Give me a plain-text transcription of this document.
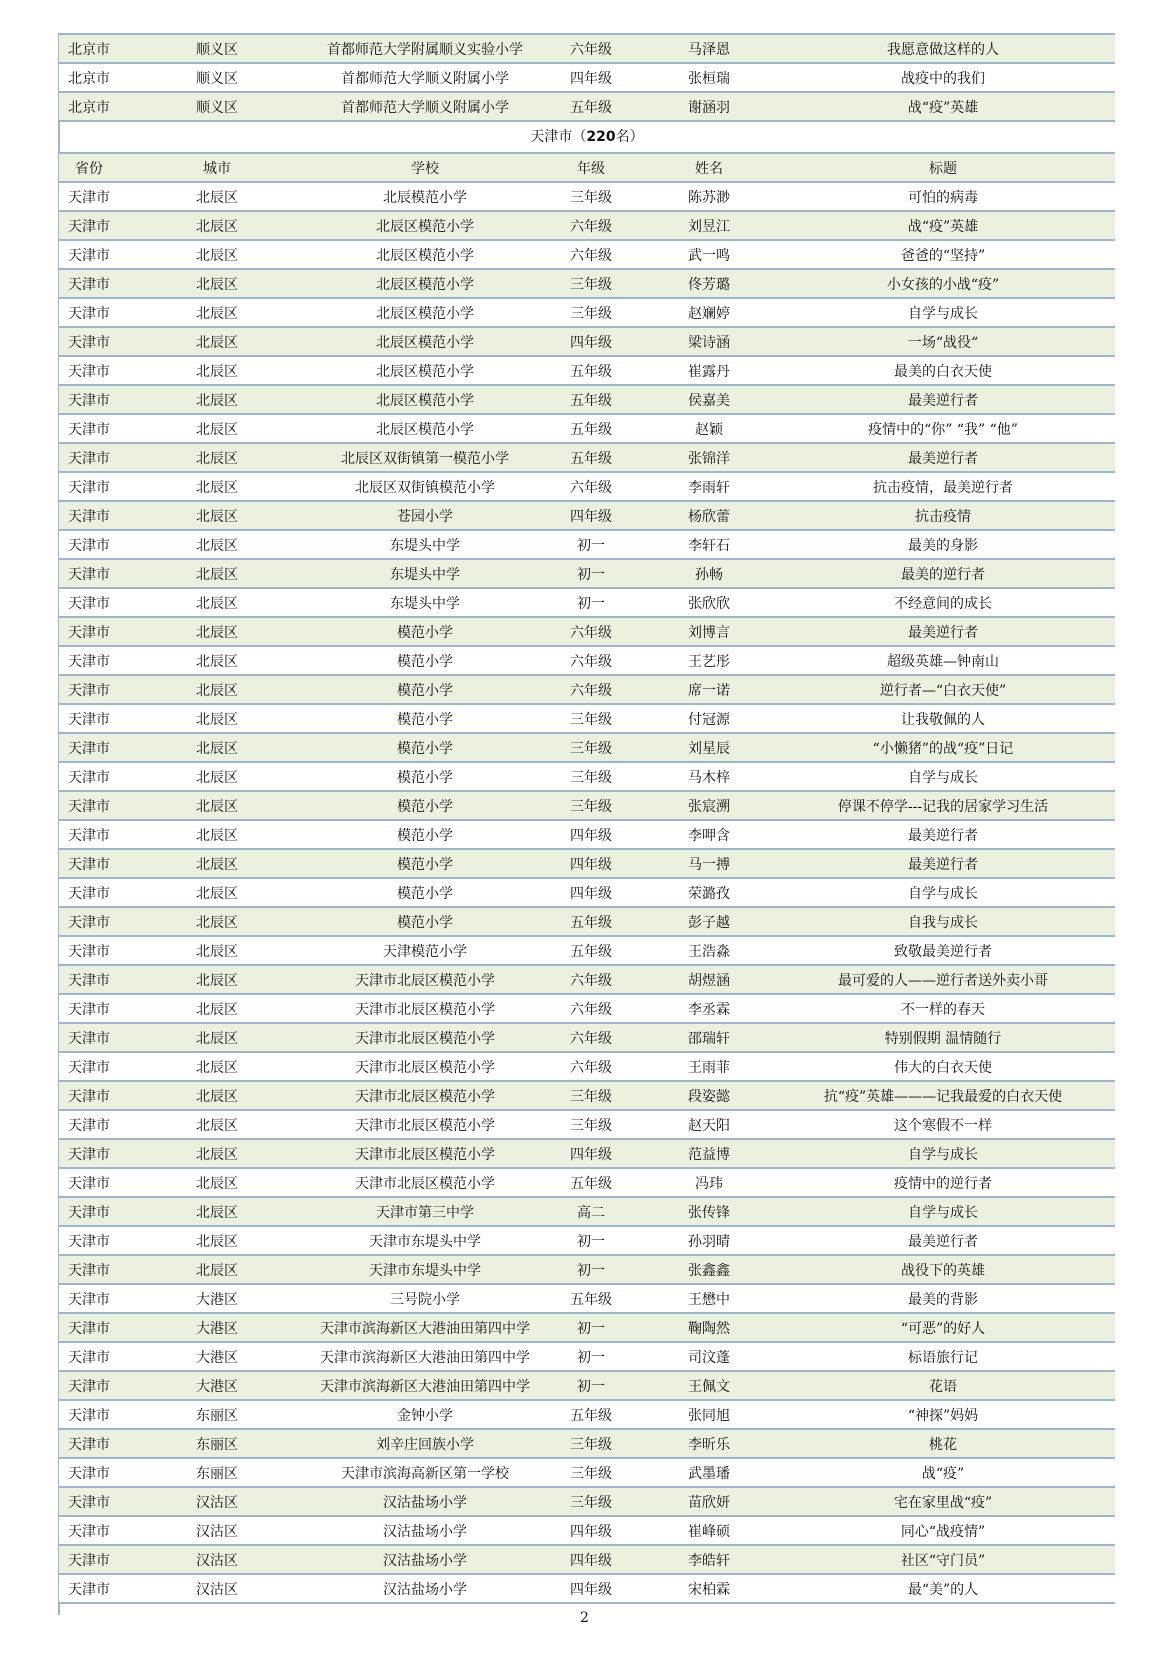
北京市	顺义区	首都师范大学附属顺义实验小学	六年级	马泽恩	我愿意做这样的人
北京市	顺义区	首都师范大学顺义附属小学	四年级	张桓瑞	战疫中的我们
北京市	顺义区	首都师范大学顺义附属小学	五年级	谢涵羽	战“疫”英雄
天津市（220名）
省份	城市	学校	年级	姓名	标题
天津市	北辰区	北辰模范小学	三年级	陈苏渺	可怕的病毒
天津市	北辰区	北辰区模范小学	六年级	刘昱江	战“疫”英雄
天津市	北辰区	北辰区模范小学	六年级	武一鸣	爸爸的“坚持”
天津市	北辰区	北辰区模范小学	三年级	佟芳璐	小女孩的小战“疫”
天津市	北辰区	北辰区模范小学	三年级	赵斓婷	自学与成长
天津市	北辰区	北辰区模范小学	四年级	梁诗涵	一场“战役“
天津市	北辰区	北辰区模范小学	五年级	崔露丹	最美的白衣天使
天津市	北辰区	北辰区模范小学	五年级	侯嘉美	最美逆行者
天津市	北辰区	北辰区模范小学	五年级	赵颖	疫情中的“你” “我” “他”
天津市	北辰区	北辰区双街镇第一模范小学	五年级	张锦洋	最美逆行者
天津市	北辰区	北辰区双街镇模范小学	六年级	李雨轩	抗击疫情，最美逆行者
天津市	北辰区	苍园小学	四年级	杨欣蕾	抗击疫情
天津市	北辰区	东堤头中学	初一	李轩石	最美的身影
天津市	北辰区	东堤头中学	初一	孙畅	最美的逆行者
天津市	北辰区	东堤头中学	初一	张欣欣	不经意间的成长
天津市	北辰区	模范小学	六年级	刘博言	最美逆行者
天津市	北辰区	模范小学	六年级	王艺彤	超级英雄—钟南山
天津市	北辰区	模范小学	六年级	席一诺	逆行者—“白衣天使”
天津市	北辰区	模范小学	三年级	付冠源	让我敬佩的人
天津市	北辰区	模范小学	三年级	刘星辰	“小懒猪”的战“疫”日记
天津市	北辰区	模范小学	三年级	马木梓	自学与成长
天津市	北辰区	模范小学	三年级	张宸溯	停课不停学---记我的居家学习生活
天津市	北辰区	模范小学	四年级	李呷含	最美逆行者
天津市	北辰区	模范小学	四年级	马一搏	最美逆行者
天津市	北辰区	模范小学	四年级	荣潞孜	自学与成长
天津市	北辰区	模范小学	五年级	彭子越	自我与成长
天津市	北辰区	天津模范小学	五年级	王浩淼	致敬最美逆行者
天津市	北辰区	天津市北辰区模范小学	六年级	胡煜涵	最可爱的人——逆行者送外卖小哥
天津市	北辰区	天津市北辰区模范小学	六年级	李丞霖	不一样的春天
天津市	北辰区	天津市北辰区模范小学	六年级	邵瑞轩	特别假期 温情随行
天津市	北辰区	天津市北辰区模范小学	六年级	王雨菲	伟大的白衣天使
天津市	北辰区	天津市北辰区模范小学	三年级	段姿懿	抗“疫”英雄———记我最爱的白衣天使
天津市	北辰区	天津市北辰区模范小学	三年级	赵天阳	这个寒假不一样
天津市	北辰区	天津市北辰区模范小学	四年级	范益博	自学与成长
天津市	北辰区	天津市北辰区模范小学	五年级	冯玮	疫情中的逆行者
天津市	北辰区	天津市第三中学	高二	张传锋	自学与成长
天津市	北辰区	天津市东堤头中学	初一	孙羽晴	最美逆行者
天津市	北辰区	天津市东堤头中学	初一	张鑫鑫	战役下的英雄
天津市	大港区	三号院小学	五年级	王懋中	最美的背影
天津市	大港区	天津市滨海新区大港油田第四中学	初一	鞠陶然	“可恶”的好人
天津市	大港区	天津市滨海新区大港油田第四中学	初一	司汶蓬	标语旅行记
天津市	大港区	天津市滨海新区大港油田第四中学	初一	王佩文	花语
天津市	东丽区	金钟小学	五年级	张同旭	“神探”妈妈
天津市	东丽区	刘辛庄回族小学	三年级	李昕乐	桃花
天津市	东丽区	天津市滨海高新区第一学校	三年级	武墨璠	战“疫”
天津市	汉沽区	汉沽盐场小学	三年级	苗欣妍	宅在家里战“疫”
天津市	汉沽区	汉沽盐场小学	四年级	崔峰硕	同心“战疫情”
天津市	汉沽区	汉沽盐场小学	四年级	李皓轩	社区“守门员”
天津市	汉沽区	汉沽盐场小学	四年级	宋柏霖	最“美”的人
2
